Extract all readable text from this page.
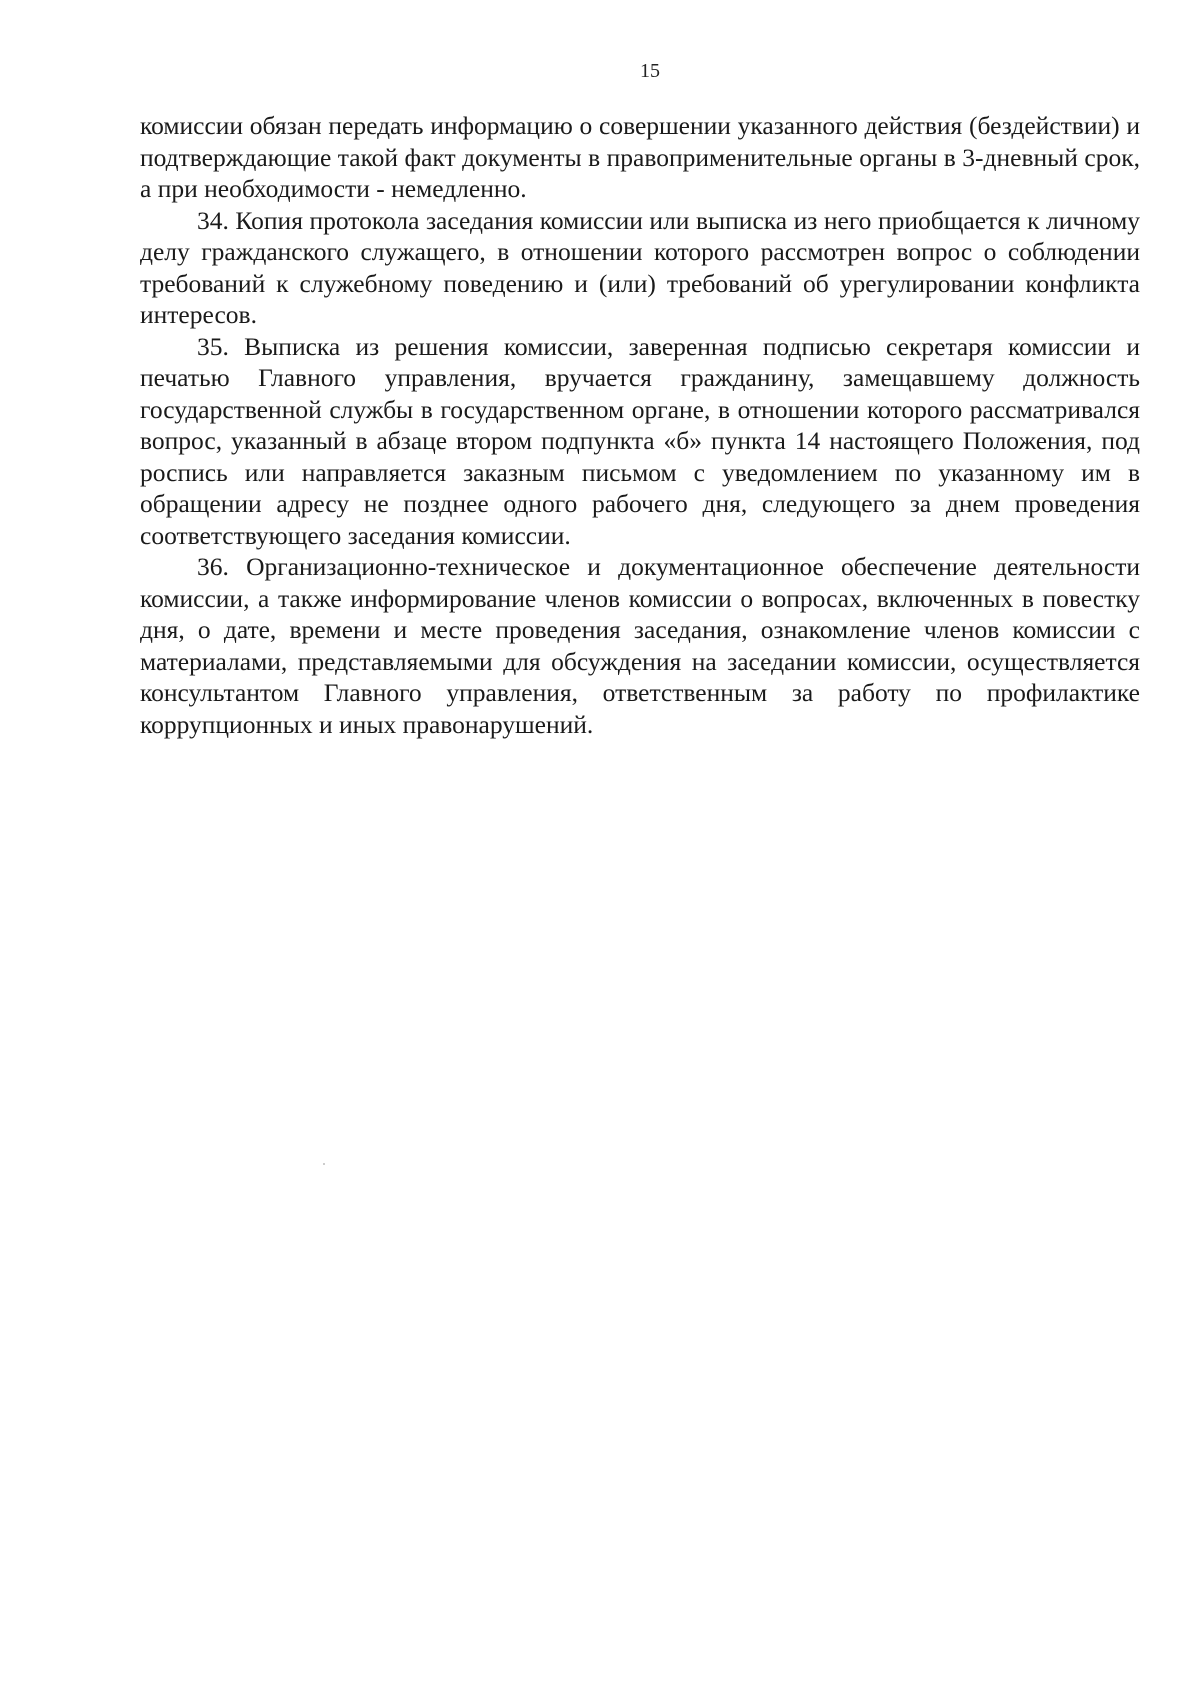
15

комиссии обязан передать информацию о совершении указанного действия (бездействии) и подтверждающие такой факт документы в правоприменительные органы в 3-дневный срок, а при необходимости - немедленно.

34. Копия протокола заседания комиссии или выписка из него приобщается к личному делу гражданского служащего, в отношении которого рассмотрен вопрос о соблюдении требований к служебному поведению и (или) требований об урегулировании конфликта интересов.

35. Выписка из решения комиссии, заверенная подписью секретаря комиссии и печатью Главного управления, вручается гражданину, замещавшему должность государственной службы в государственном органе, в отношении которого рассматривался вопрос, указанный в абзаце втором подпункта «б» пункта 14 настоящего Положения, под роспись или направляется заказным письмом с уведомлением по указанному им в обращении адресу не позднее одного рабочего дня, следующего за днем проведения соответствующего заседания комиссии.

36. Организационно-техническое и документационное обеспечение деятельности комиссии, а также информирование членов комиссии о вопросах, включенных в повестку дня, о дате, времени и месте проведения заседания, ознакомление членов комиссии с материалами, представляемыми для обсуждения на заседании комиссии, осуществляется консультантом Главного управления, ответственным за работу по профилактике коррупционных и иных правонарушений.
